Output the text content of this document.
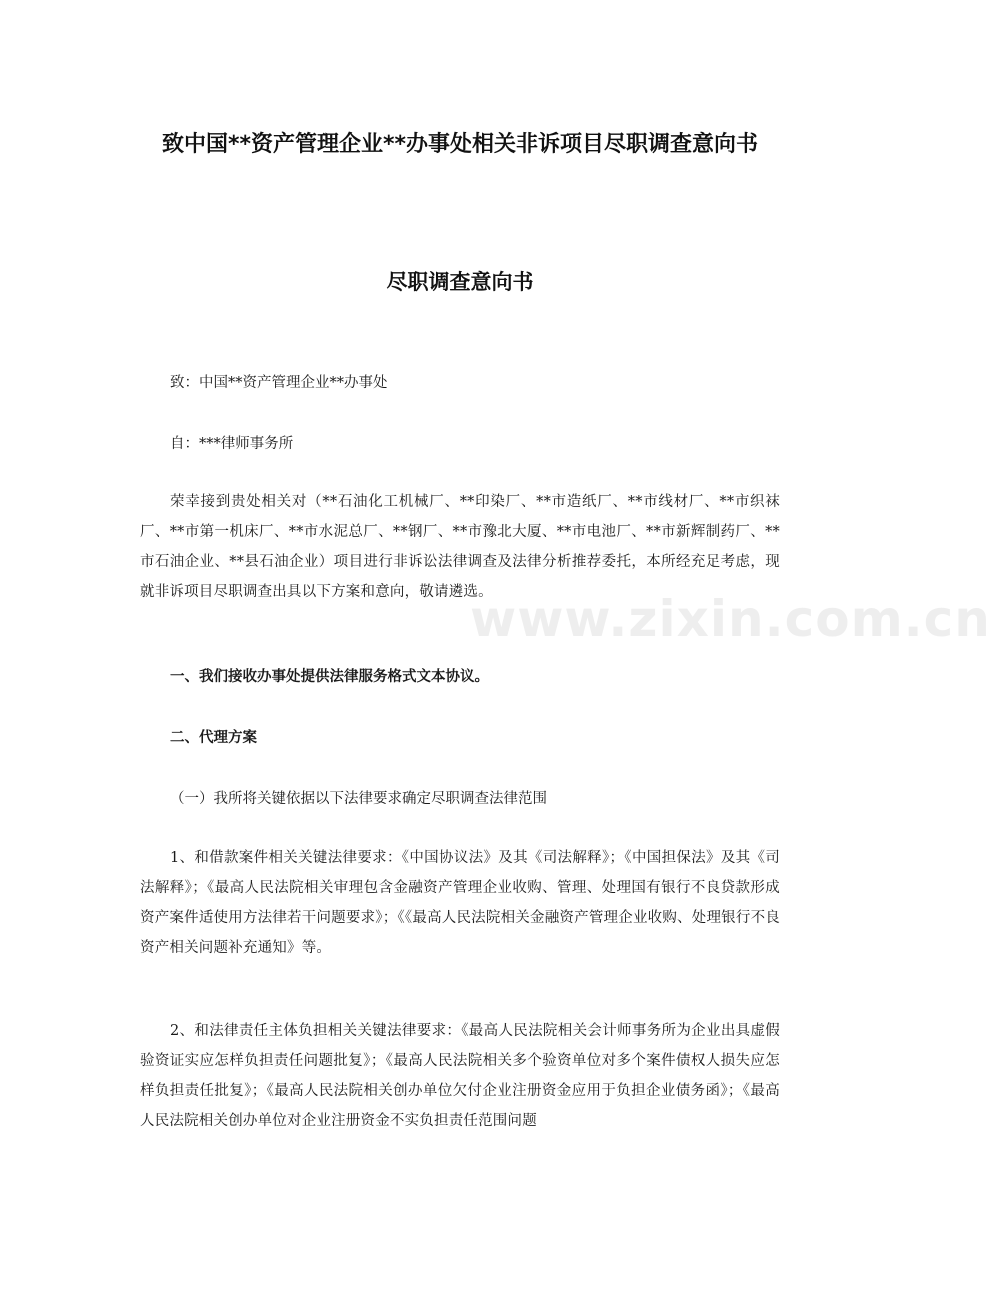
致中国**资产管理企业**办事处相关非诉项目尽职调查意向书
尽职调查意向书

致：中国**资产管理企业**办事处

自：***律师事务所

荣幸接到贵处相关对（**石油化工机械厂、**印染厂、**市造纸厂、**市线材厂、**市织袜厂、**市第一机床厂、**市水泥总厂、**钢厂、**市豫北大厦、**市电池厂、**市新辉制药厂、**市石油企业、**县石油企业）项目进行非诉讼法律调查及法律分析推荐委托，本所经充足考虑，现就非诉项目尽职调查出具以下方案和意向，敬请遴选。

一、我们接收办事处提供法律服务格式文本协议。

二、代理方案

（一）我所将关键依据以下法律要求确定尽职调查法律范围

1、和借款案件相关关键法律要求：《中国协议法》及其《司法解释》；《中国担保法》及其《司法解释》；《最高人民法院相关审理包含金融资产管理企业收购、管理、处理国有银行不良贷款形成资产案件适使用方法律若干问题要求》；《《最高人民法院相关金融资产管理企业收购、处理银行不良资产相关问题补充通知》等。

2、和法律责任主体负担相关关键法律要求：《最高人民法院相关会计师事务所为企业出具虚假验资证实应怎样负担责任问题批复》；《最高人民法院相关多个验资单位对多个案件债权人损失应怎样负担责任批复》；《最高人民法院相关创办单位欠付企业注册资金应用于负担企业债务函》；《最高人民法院相关创办单位对企业注册资金不实负担责任范围问题

www.zixin.com.cn
